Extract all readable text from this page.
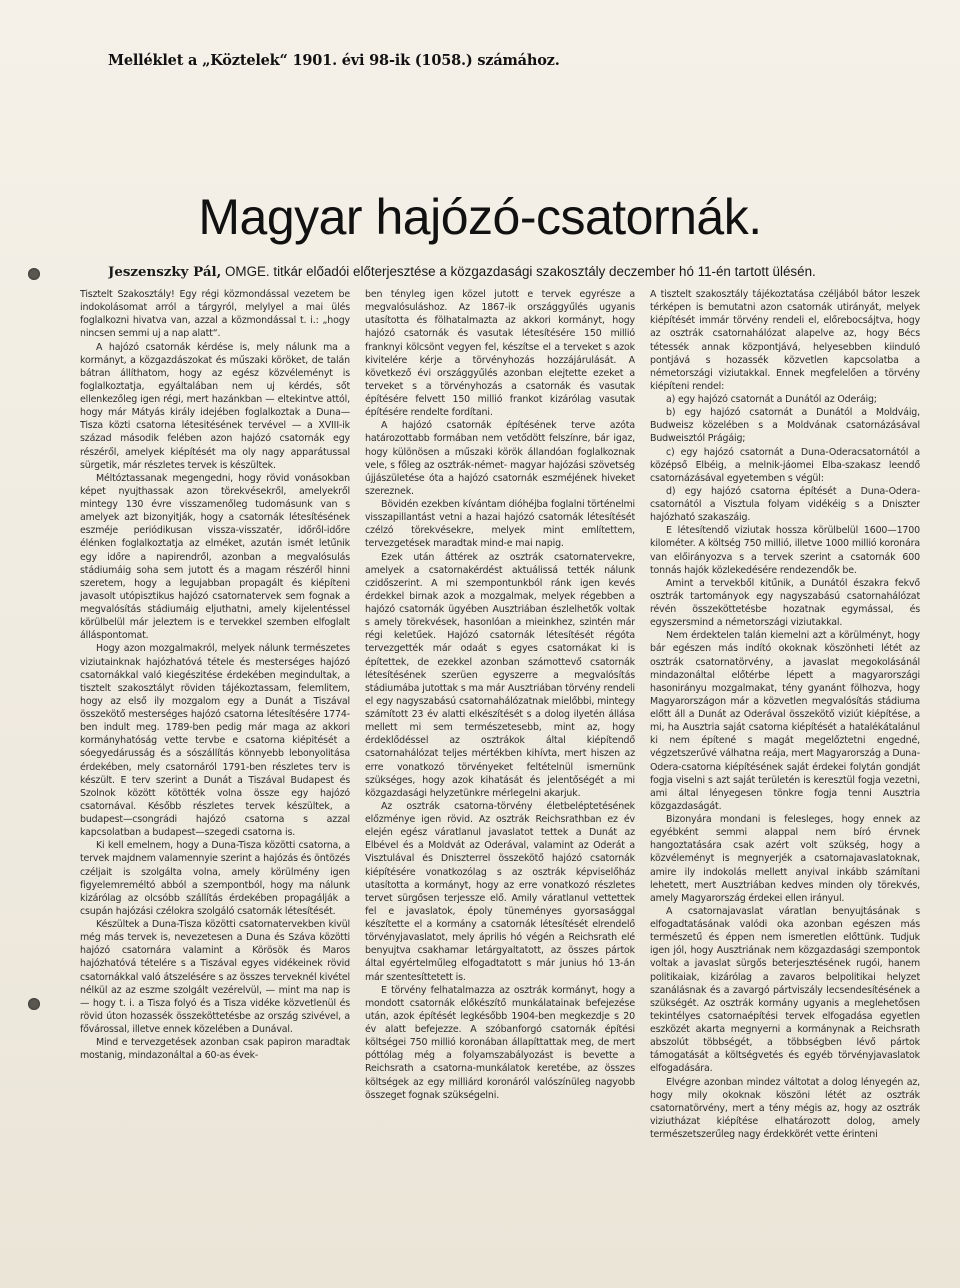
Melléklet a „Köztelek“ 1901. évi 98-ik (1058.) számához.
Magyar hajózó-csatornák.
Jeszenszky Pál, OMGE. titkár előadói előterjesztése a közgazdasági szakosztály deczember hó 11-én tartott ülésén.

Tisztelt Szakosztály! Egy régi közmondással vezetem be indokolásomat arról a tárgyról, melylyel a mai ülés foglalkozni hivatva van, azzal a közmondással t. i.: „hogy nincsen semmi uj a nap alatt“.

A hajózó csatornák kérdése is, mely nálunk ma a kormányt, a közgazdászokat és műszaki köröket, de talán bátran állíthatom, hogy az egész közvéleményt is foglalkoztatja, egyáltalában nem uj kérdés, sőt ellenkezőleg igen régi, mert hazánkban — eltekintve attól, hogy már Mátyás király idejében foglalkoztak a Duna—Tisza közti csatorna létesitésének tervével — a XVIII-ik század második felében azon hajózó csatornák egy részéről, amelyek kiépítését ma oly nagy apparátussal sürgetik, már részletes tervek is készültek.

Méltóztassanak megengedni, hogy rövid vonásokban képet nyujthassak azon törekvésekről, amelyekről mintegy 130 évre visszamenőleg tudomásunk van s amelyek azt bizonyitják, hogy a csatornák létesítésének eszméje periódikusan vissza-visszatér, időről-időre élénken foglalkoztatja az elméket, azután ismét letűnik egy időre a napirendről, azonban a megvalósulás stádiumáig soha sem jutott és a magam részéről hinni szeretem, hogy a legujabban propagált és kiépíteni javasolt utópisztikus hajózó csatornatervek sem fognak a megvalósítás stádiumáig eljuthatni, amely kijelentéssel körülbelül már jeleztem is e tervekkel szemben elfoglalt álláspontomat.

Hogy azon mozgalmakról, melyek nálunk természetes viziutainknak hajózhatóvá tétele és mesterséges hajózó csatornákkal való kiegészitése érdekében megindultak, a tisztelt szakosztályt röviden tájékoztassam, felemlitem, hogy az első ily mozgalom egy a Dunát a Tiszával összekötő mesterséges hajózó csatorna létesítésére 1774-ben indult meg. 1789-ben pedig már maga az akkori kormányhatóság vette tervbe e csatorna kiépitését a sóegyedárusság és a sószállítás könnyebb lebonyolitása érdekében, mely csatornáról 1791-ben részletes terv is készült. E terv szerint a Dunát a Tiszával Budapest és Szolnok között kötötték volna össze egy hajózó csatornával. Később részletes tervek készültek, a budapest—csongrádi hajózó csatorna s azzal kapcsolatban a budapest—szegedi csatorna is.

Ki kell emelnem, hogy a Duna-Tisza közötti csatorna, a tervek majdnem valamennyie szerint a hajózás és öntözés czéljait is szolgálta volna, amely körülmény igen figyelemreméltó abból a szempontból, hogy ma nálunk kizárólag az olcsóbb szállítás érdekében propagálják a csupán hajózási czélokra szolgáló csatornák létesítését.

Készültek a Duna-Tisza közötti csatornatervekben kivül még más tervek is, nevezetesen a Duna és Száva közötti hajózó csatornára valamint a Körösök és Maros hajózhatóvá tételére s a Tiszával egyes vidékeinek rövid csatornákkal való átszelésére s az összes terveknél kivétel nélkül az az eszme szolgált vezérelvül, — mint ma nap is — hogy t. i. a Tisza folyó és a Tisza vidéke közvetlenül és rövid úton hozassék összeköttetésbe az ország szivével, a fővárossal, illetve ennek közelében a Dunával.

Mind e tervezgetések azonban csak papiron maradtak mostanig, mindazonáltal a 60-as évek-

ben tényleg igen közel jutott e tervek egyrésze a megvalósuláshoz. Az 1867-ik országgyűlés ugyanis utasította és fölhatalmazta az akkori kormányt, hogy hajózó csatornák és vasutak létesítésére 150 millió franknyi kölcsönt vegyen fel, készítse el a terveket s azok kivitelére kérje a törvényhozás hozzájárulását. A következő évi országgyűlés azonban elejtette ezeket a terveket s a törvényhozás a csatornák és vasutak építésére felvett 150 millió frankot kizárólag vasutak építésére rendelte fordítani.

A hajózó csatornák építésének terve azóta határozottabb formában nem vetődött felszínre, bár igaz, hogy különösen a műszaki körök állandóan foglalkoznak vele, s főleg az osztrák-német- magyar hajózási szövetség újjászületése óta a hajózó csatornák eszméjének hiveket szereznek.

Bövidén ezekben kívántam dióhéjba foglalni történelmi visszapillantást vetni a hazai hajózó csatornák létesítését czélzó törekvésekre, melyek mint említettem, tervezgetések maradtak mind-e mai napig.

Ezek után áttérek az osztrák csatornatervekre, amelyek a csatornakérdést aktuálissá tették nálunk czidőszerint. A mi szempontunkból ránk igen kevés érdekkel birnak azok a mozgalmak, melyek régebben a hajózó csatornák ügyében Ausztriában észlelhetők voltak s amely törekvések, hasonlóan a mieinkhez, szintén már régi keletűek. Hajózó csatornák létesítését régóta tervezgették már odaát s egyes csatornákat ki is építettek, de ezekkel azonban számottevő csatornák létesítésének szerüen egyszerre a megvalósítás stádiumába jutottak s ma már Ausztriában törvény rendeli el egy nagyszabású csatornahálózatnak mielőbbi, mintegy számított 23 év alatti elkészítését s a dolog ilyetén állása mellett mi sem természetesebb, mint az, hogy érdeklődéssel az osztrákok által kiépítendő csatornahálózat teljes mértékben kihívta, mert hiszen az erre vonatkozó törvényeket feltételnül ismernünk szükséges, hogy azok kihatását és jelentőségét a mi közgazdasági helyzetünkre mérlegelni akarjuk.

Az osztrák csatorna-törvény életbeléptetésének előzménye igen rövid. Az osztrák Reichsrathban ez év elején egész váratlanul javaslatot tettek a Dunát az Elbével és a Moldvát az Oderával, valamint az Oderát a Visztulával és Dniszterrel összekötő hajózó csatornák kiépítésére vonatkozólag s az osztrák képviselőház utasította a kormányt, hogy az erre vonatkozó részletes tervet sürgősen terjessze elő. Amily váratlanul vettettek fel e javaslatok, époly tüneményes gyorsasággal készítette el a kormány a csatornák létesítését elrendelő törvényjavaslatot, mely április hó végén a Reichsrath elé benyujtva csakhamar letárgyaltatott, az összes pártok által egyértelműleg elfogadtatott s már junius hó 13-án már szentesíttetett is.

E törvény felhatalmazza az osztrák kormányt, hogy a mondott csatornák előkészítő munkálatainak befejezése után, azok építését legkésőbb 1904-ben megkezdje s 20 év alatt befejezze. A szóbanforgó csatornák építési költségei 750 millió koronában állapíttattak meg, de mert póttólag még a folyamszabályozást is bevette a Reichsrath a csatorna-munkálatok keretébe, az összes költségek az egy milliárd koronáról valószínüleg nagyobb összeget fognak szükségelni.

A tisztelt szakosztály tájékoztatása czéljából bátor leszek térképen is bemutatni azon csatornák utirányát, melyek kiépítését immár törvény rendeli el, előrebocsájtva, hogy az osztrák csatornahálózat alapelve az, hogy Bécs tétessék annak központjává, helyesebben kiinduló pontjává s hozassék közvetlen kapcsolatba a németországi viziutakkal. Ennek megfelelően a törvény kiépíteni rendel:

a) egy hajózó csatornát a Dunától az Oderáig;

b) egy hajózó csatornát a Dunától a Moldváig, Budweisz közelében s a Moldvának csatornázásával Budweisztól Prágáig;

c) egy hajózó csatornát a Duna-Oderacsatornától a középső Elbéig, a melnik-jáomei Elba-szakasz leendő csatornázásával egyetemben s végül:

d) egy hajózó csatorna építését a Duna-Odera-csatornától a Visztula folyam vidékéig s a Dniszter hajózható szakaszáig.

E létesítendő viziutak hossza körülbelül 1600—1700 kilométer. A költség 750 millió, illetve 1000 millió koronára van előirányozva s a tervek szerint a csatornák 600 tonnás hajók közlekedésére rendezendők be.

Amint a tervekből kitűnik, a Dunától északra fekvő osztrák tartományok egy nagyszabású csatornahálózat révén összeköttetésbe hozatnak egymással, és egyszersmind a németországi viziutakkal.

Nem érdektelen talán kiemelni azt a körülményt, hogy bár egészen más indító okoknak köszönheti létét az osztrák csatornatörvény, a javaslat megokolásánál mindazonáltal előtérbe lépett a magyarországi hasonirányu mozgalmakat, tény gyanánt fölhozva, hogy Magyarországon már a közvetlen megvalósítás stádiuma előtt áll a Dunát az Oderával összekötő viziút kiépítése, a mi, ha Ausztria saját csatorna kiépítését a hatalékátalánul ki nem építené s magát megelőztetni engedné, végzetszerűvé válhatna reája, mert Magyarország a Duna-Odera-csatorna kiépítésének saját érdekei folytán gondját fogja viselni s azt saját területén is keresztül fogja vezetni, ami által lényegesen tönkre fogja tenni Ausztria közgazdaságát.

Bizonyára mondani is felesleges, hogy ennek az egyébként semmi alappal nem bíró érvnek hangoztatására csak azért volt szükség, hogy a közvéleményt is megnyerjék a csatornajavaslatoknak, amire ily indokolás mellett anyival inkább számítani lehetett, mert Ausztriában kedves minden oly törekvés, amely Magyarország érdekei ellen irányul.

A csatornajavaslat váratlan benyujtásának s elfogadtatásának valódi oka azonban egészen más természetű és éppen nem ismeretlen előttünk. Tudjuk igen jól, hogy Ausztriának nem közgazdasági szempontok voltak a javaslat sürgős beterjesztésének rugói, hanem politikaiak, kizárólag a zavaros belpolitikai helyzet szanálásnak és a zavargó pártviszály lecsendesítésének a szükségét. Az osztrák kormány ugyanis a meglehetősen tekintélyes csatornaépítési tervek elfogadása egyetlen eszközét akarta megnyerni a kormánynak a Reichsrath abszolút többségét, a többségben lévő pártok támogatását a költségvetés és egyéb törvényjavaslatok elfogadására.

Elvégre azonban mindez váltotat a dolog lényegén az, hogy mily okoknak köszöni létét az osztrák csatornatörvény, mert a tény mégis az, hogy az osztrák viziutházat kiépítése elhatározott dolog, amely természetszerűleg nagy érdekkörét vette érinteni
